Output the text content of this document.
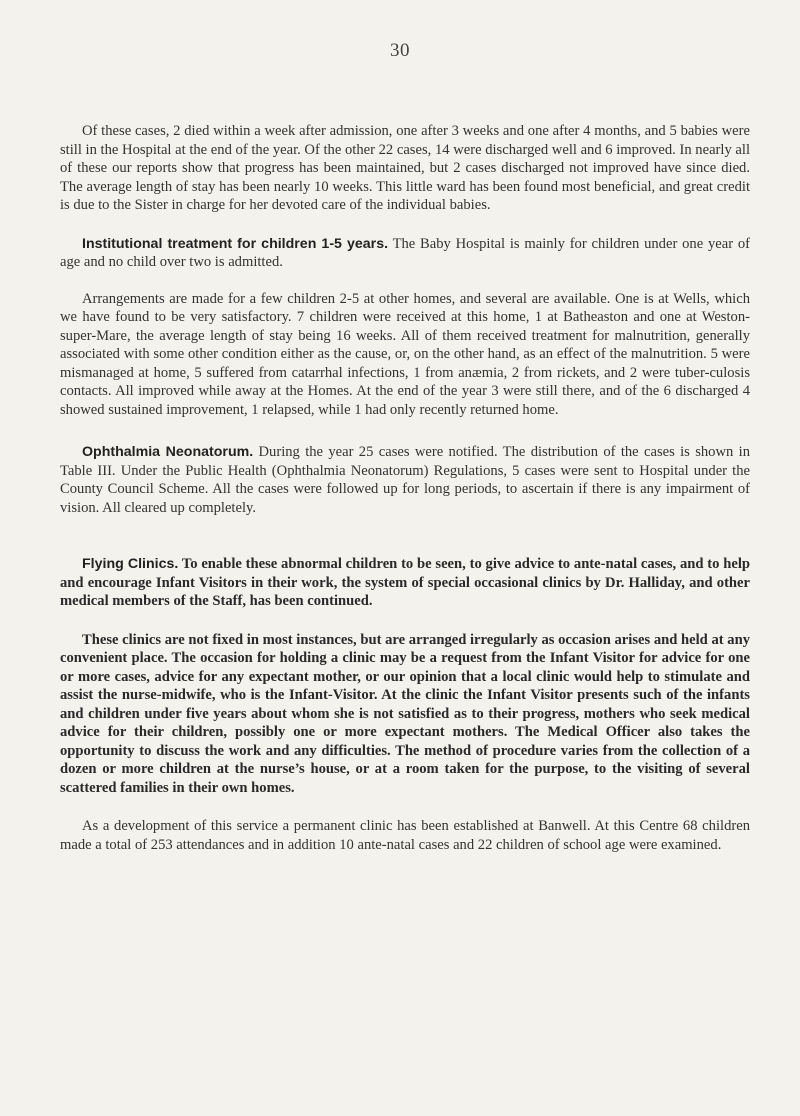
30

Of these cases, 2 died within a week after admission, one after 3 weeks and one after 4 months, and 5 babies were still in the Hospital at the end of the year. Of the other 22 cases, 14 were discharged well and 6 improved. In nearly all of these our reports show that progress has been maintained, but 2 cases discharged not improved have since died. The average length of stay has been nearly 10 weeks. This little ward has been found most beneficial, and great credit is due to the Sister in charge for her devoted care of the individual babies.

Institutional treatment for children 1-5 years. The Baby Hospital is mainly for children under one year of age and no child over two is admitted.

Arrangements are made for a few children 2-5 at other homes, and several are available. One is at Wells, which we have found to be very satisfactory. 7 children were received at this home, 1 at Batheaston and one at Weston-super-Mare, the average length of stay being 16 weeks. All of them received treatment for malnutrition, generally associated with some other condition either as the cause, or, on the other hand, as an effect of the malnutrition. 5 were mismanaged at home, 5 suffered from catarrhal infections, 1 from anæmia, 2 from rickets, and 2 were tuber-culosis contacts. All improved while away at the Homes. At the end of the year 3 were still there, and of the 6 discharged 4 showed sustained improvement, 1 relapsed, while 1 had only recently returned home.

Ophthalmia Neonatorum. During the year 25 cases were notified. The distribution of the cases is shown in Table III. Under the Public Health (Ophthalmia Neonatorum) Regulations, 5 cases were sent to Hospital under the County Council Scheme. All the cases were followed up for long periods, to ascertain if there is any impairment of vision. All cleared up completely.

Flying Clinics. To enable these abnormal children to be seen, to give advice to ante-natal cases, and to help and encourage Infant Visitors in their work, the system of special occasional clinics by Dr. Halliday, and other medical members of the Staff, has been continued.

These clinics are not fixed in most instances, but are arranged irregularly as occasion arises and held at any convenient place. The occasion for holding a clinic may be a request from the Infant Visitor for advice for one or more cases, advice for any expectant mother, or our opinion that a local clinic would help to stimulate and assist the nurse-midwife, who is the Infant-Visitor. At the clinic the Infant Visitor presents such of the infants and children under five years about whom she is not satisfied as to their progress, mothers who seek medical advice for their children, possibly one or more expectant mothers. The Medical Officer also takes the opportunity to discuss the work and any difficulties. The method of procedure varies from the collection of a dozen or more children at the nurse’s house, or at a room taken for the purpose, to the visiting of several scattered families in their own homes.

As a development of this service a permanent clinic has been established at Banwell. At this Centre 68 children made a total of 253 attendances and in addition 10 ante-natal cases and 22 children of school age were examined.
